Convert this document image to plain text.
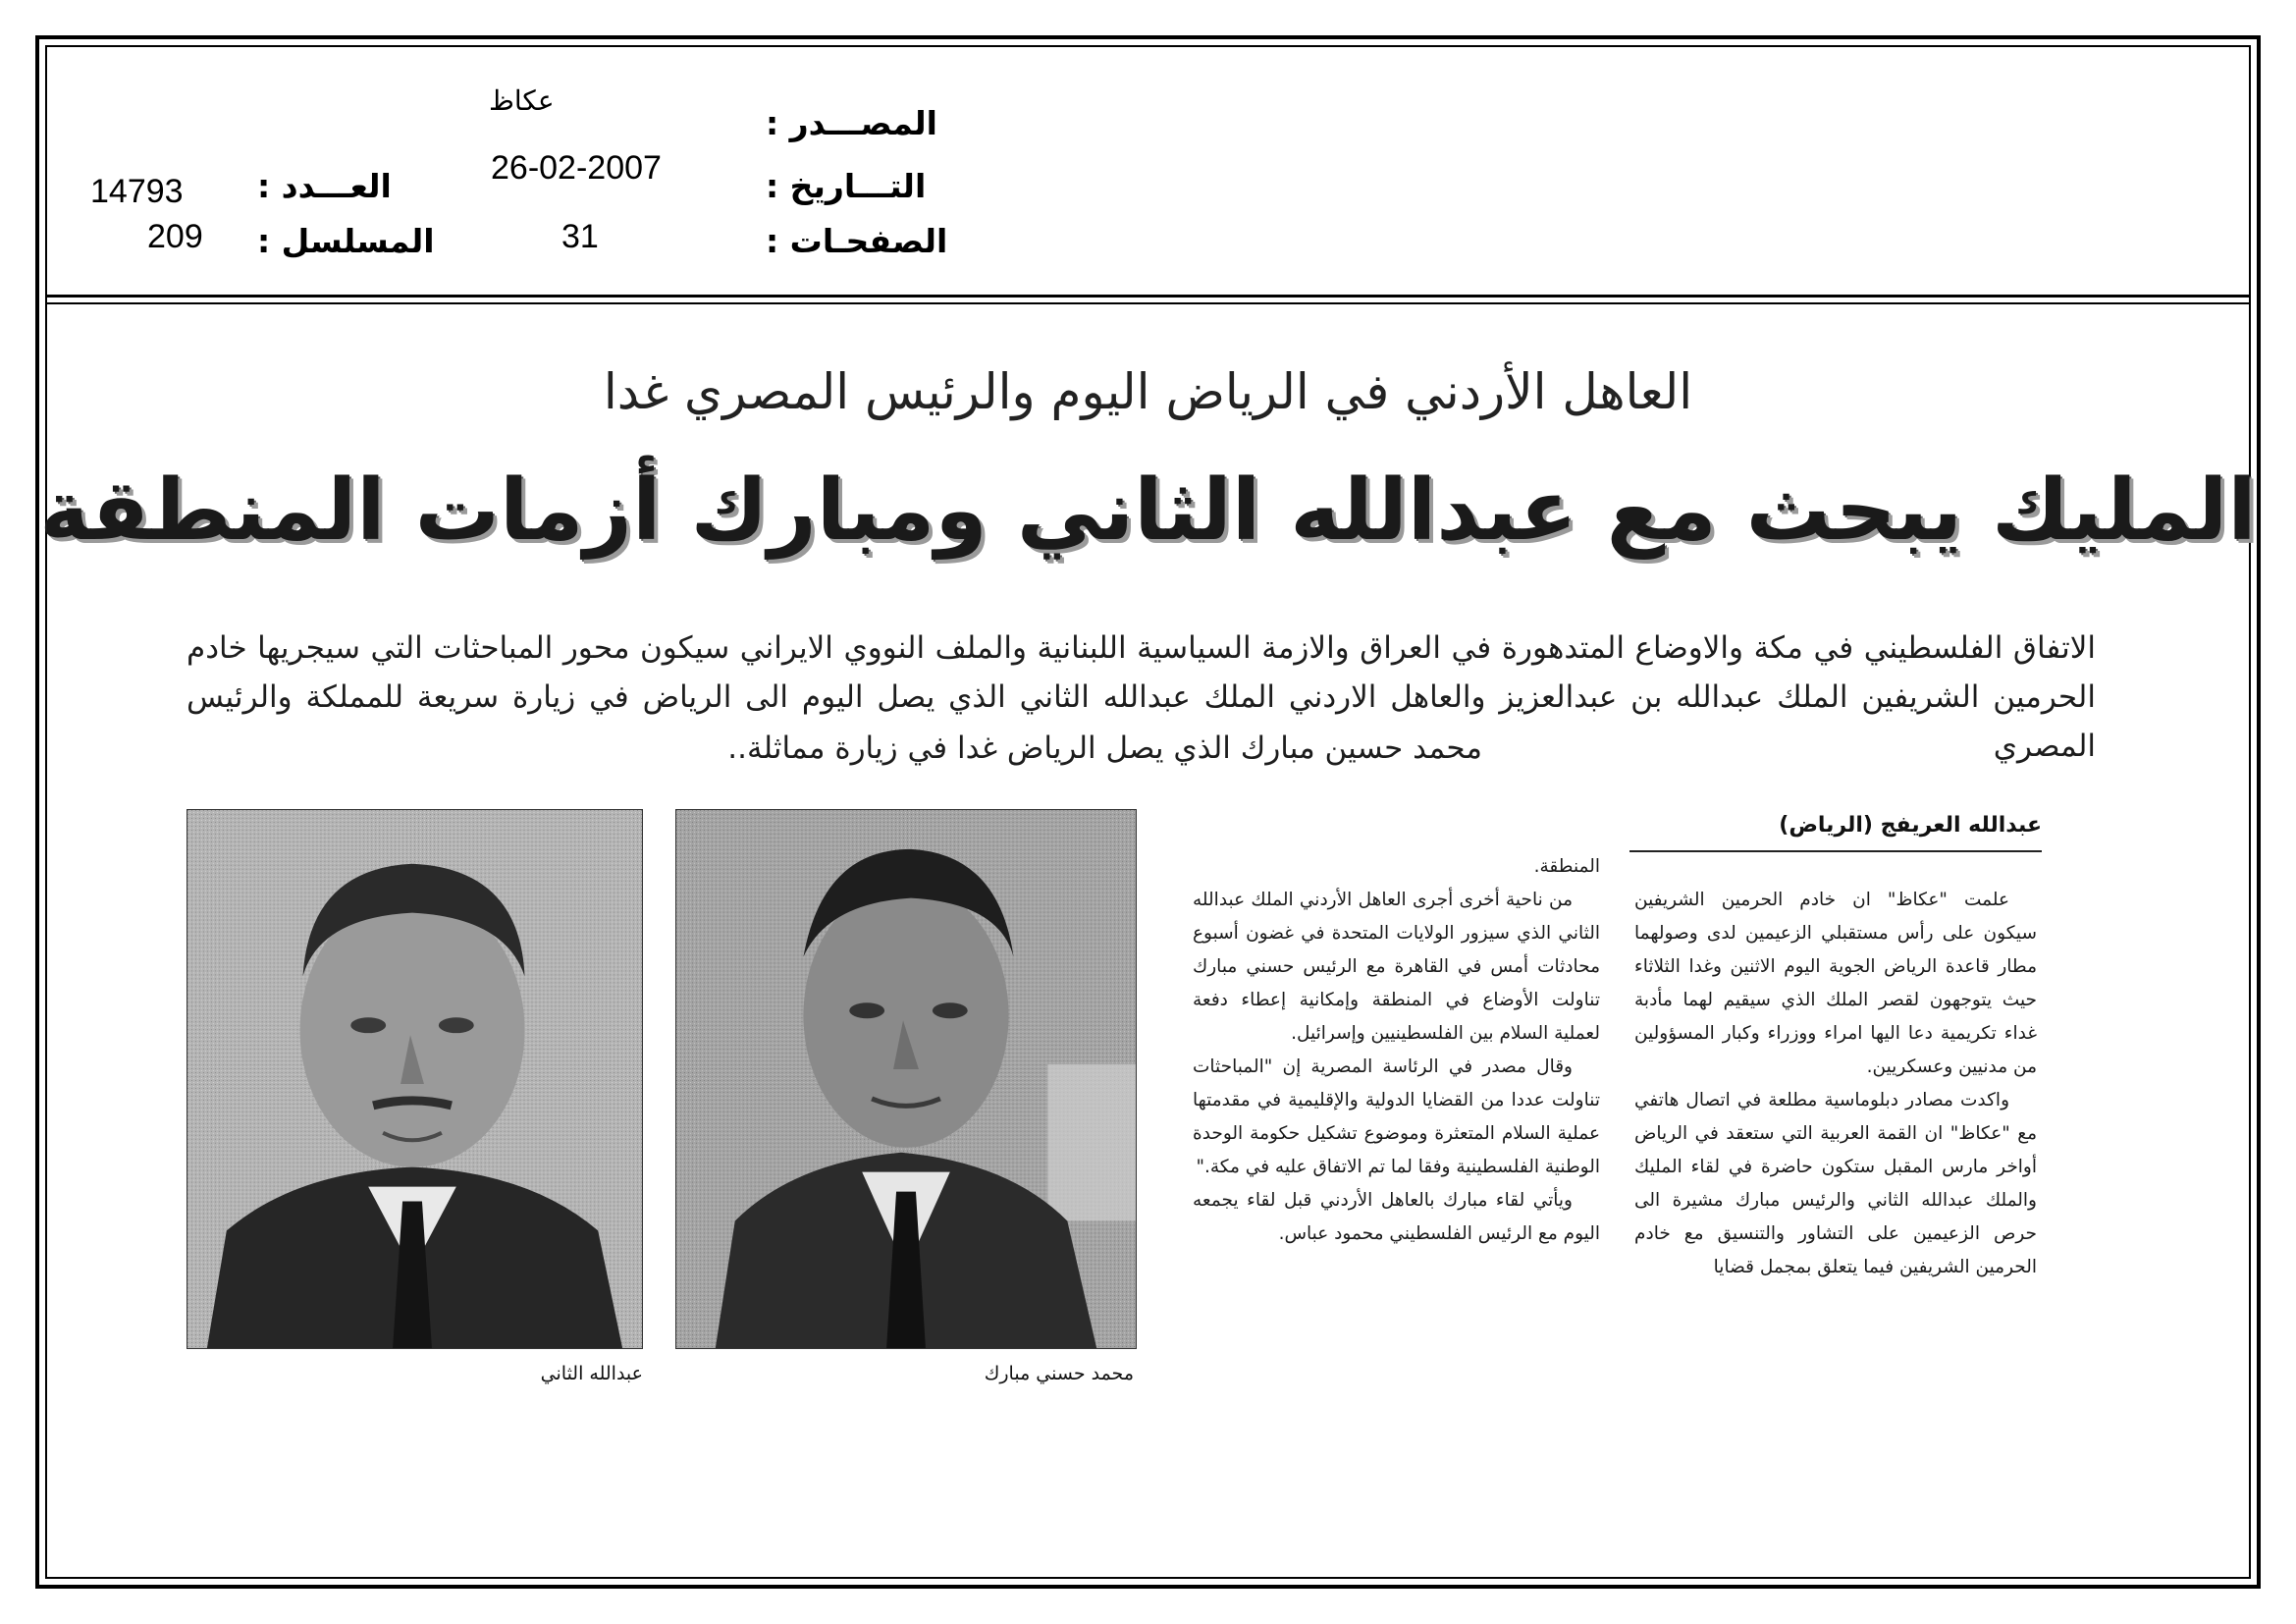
عكاظ
المصـــدر :
26-02-2007	التـــاريخ :
31	الصفحـات :
14793 العـــدد :
209 المسلسل :
العاهل الأردني في الرياض اليوم والرئيس المصري غدا
المليك يبحث مع عبدالله الثاني ومبارك أزمات المنطقة
الاتفاق الفلسطيني في مكة والاوضاع المتدهورة في العراق والازمة السياسية اللبنانية والملف النووي الايراني سيكون محور المباحثات التي سيجريها خادم الحرمين الشريفين الملك عبدالله بن عبدالعزيز والعاهل الاردني الملك عبدالله الثاني الذي يصل اليوم الى الرياض في زيارة سريعة للمملكة والرئيس المصري
محمد حسين مبارك الذي يصل الرياض غدا في زيارة مماثلة..
عبدالله العريفج (الرياض)

علمت "عكاظ" ان خادم الحرمين الشريفين سيكون على رأس مستقبلي الزعيمين لدى وصولهما مطار قاعدة الرياض الجوية اليوم الاثنين وغدا الثلاثاء حيث يتوجهون لقصر الملك الذي سيقيم لهما مأدبة غداء تكريمية دعا اليها امراء ووزراء وكبار المسؤولين من مدنيين وعسكريين.

واكدت مصادر دبلوماسية مطلعة في اتصال هاتفي مع "عكاظ" ان القمة العربية التي ستعقد في الرياض أواخر مارس المقبل ستكون حاضرة في لقاء المليك والملك عبدالله الثاني والرئيس مبارك مشيرة الى حرص الزعيمين على التشاور والتنسيق مع خادم الحرمين الشريفين فيما يتعلق بمجمل قضايا

المنطقة.

من ناحية أخرى أجرى العاهل الأردني الملك عبدالله الثاني الذي سيزور الولايات المتحدة في غضون أسبوع محادثات أمس في القاهرة مع الرئيس حسني مبارك تناولت الأوضاع في المنطقة وإمكانية إعطاء دفعة لعملية السلام بين الفلسطينيين وإسرائيل.

وقال مصدر في الرئاسة المصرية إن "المباحثات تناولت عددا من القضايا الدولية والإقليمية في مقدمتها عملية السلام المتعثرة وموضوع تشكيل حكومة الوحدة الوطنية الفلسطينية وفقا لما تم الاتفاق عليه في مكة."

ويأتي لقاء مبارك بالعاهل الأردني قبل لقاء يجمعه اليوم مع الرئيس الفلسطيني محمود عباس.

عبدالله الثاني	محمد حسني مبارك
